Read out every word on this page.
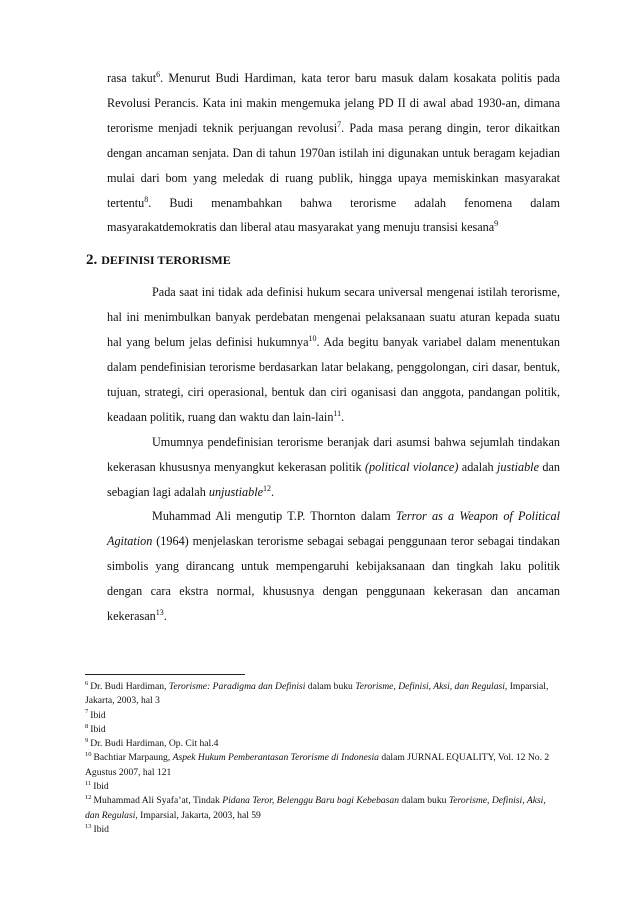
rasa takut$^6$. Menurut Budi Hardiman, kata teror baru masuk dalam kosakata politis pada Revolusi Perancis. Kata ini makin mengemuka jelang PD II di awal abad 1930-an, dimana terorisme menjadi teknik perjuangan revolusi$^7$. Pada masa perang dingin, teror dikaitkan dengan ancaman senjata. Dan di tahun 1970an istilah ini digunakan untuk beragam kejadian mulai dari bom yang meledak di ruang publik, hingga upaya memiskinkan masyarakat tertentu$^8$. Budi menambahkan bahwa terorisme adalah fenomena dalam masyarakatdemokratis dan liberal atau masyarakat yang menuju transisi kesana$^9$

2. DEFINISI TERORISME

Pada saat ini tidak ada definisi hukum secara universal mengenai istilah terorisme, hal ini menimbulkan banyak perdebatan mengenai pelaksanaan suatu aturan kepada suatu hal yang belum jelas definisi hukumnya$^{10}$. Ada begitu banyak variabel dalam menentukan dalam pendefinisian terorisme berdasarkan latar belakang, penggolongan, ciri dasar, bentuk, tujuan, strategi, ciri operasional, bentuk dan ciri oganisasi dan anggota, pandangan politik, keadaan politik, ruang dan waktu dan lain-lain$^{11}$.

Umumnya pendefinisian terorisme beranjak dari asumsi bahwa sejumlah tindakan kekerasan khususnya menyangkut kekerasan politik (political violance) adalah justiable dan sebagian lagi adalah unjustiable$^{12}$.

Muhammad Ali mengutip T.P. Thornton dalam Terror as a Weapon of Political Agitation (1964) menjelaskan terorisme sebagai sebagai penggunaan teror sebagai tindakan simbolis yang dirancang untuk mempengaruhi kebijaksanaan dan tingkah laku politik dengan cara ekstra normal, khususnya dengan penggunaan kekerasan dan ancaman kekerasan$^{13}$.

$^6$ Dr. Budi Hardiman, Terorisme: Paradigma dan Definisi dalam buku Terorisme, Definisi, Aksi, dan Regulasi, Imparsial, Jakarta, 2003, hal 3

$^7$ Ibid

$^8$ Ibid

$^9$ Dr. Budi Hardiman, Op. Cit hal.4

$^{10}$ Bachtiar Marpaung, Aspek Hukum Pemberantasan Terorisme di Indonesia dalam JURNAL EQUALITY, Vol. 12 No. 2 Agustus 2007, hal 121

$^{11}$ Ibid

$^{12}$ Muhammad Ali Syafa’at, Tindak Pidana Teror, Belenggu Baru bagi Kebebasan dalam buku Terorisme, Definisi, Aksi, dan Regulasi, Imparsial, Jakarta, 2003, hal 59

$^{13}$ Ibid
